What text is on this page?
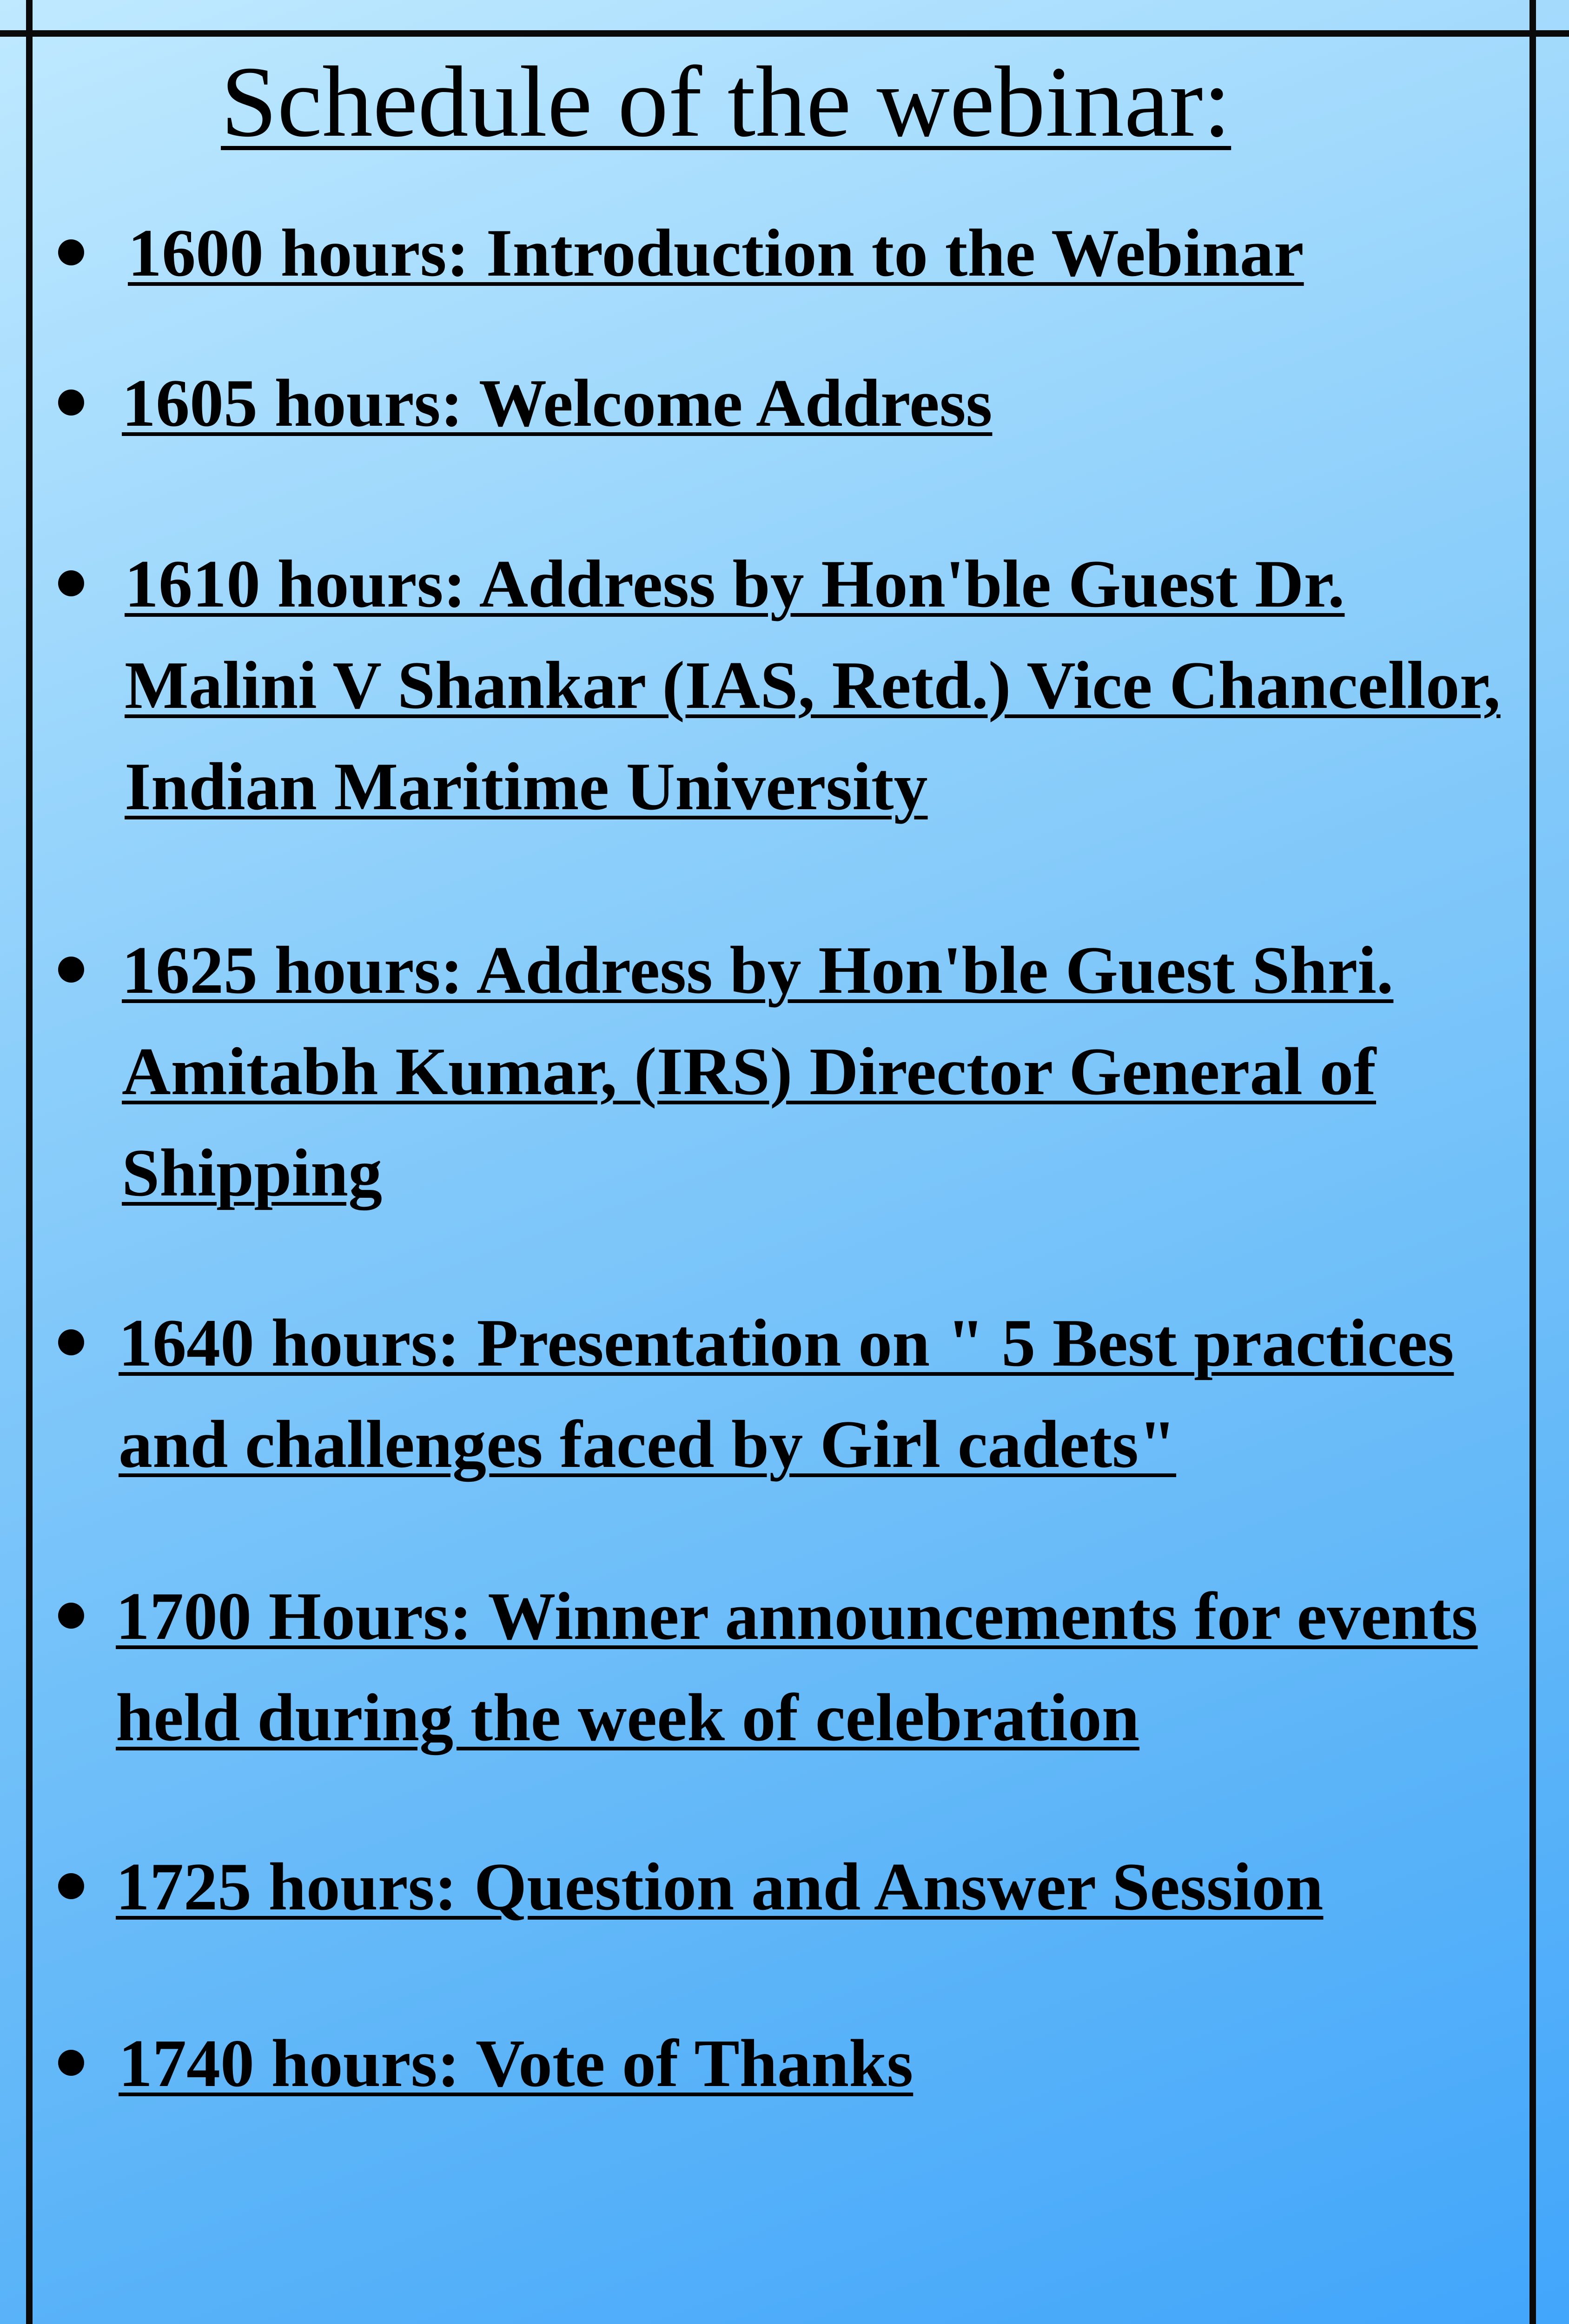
Schedule of the webinar:
1600 hours: Introduction to the Webinar
1605 hours: Welcome Address
1610 hours: Address by Hon'ble Guest Dr. Malini V Shankar (IAS, Retd.) Vice Chancellor, Indian Maritime University
1625 hours: Address by Hon'ble Guest Shri. Amitabh Kumar, (IRS) Director General of Shipping
1640 hours: Presentation on " 5 Best practices and challenges faced by Girl cadets"
1700 Hours: Winner announcements for events held during the week of celebration
1725 hours: Question and Answer Session
1740 hours: Vote of Thanks
